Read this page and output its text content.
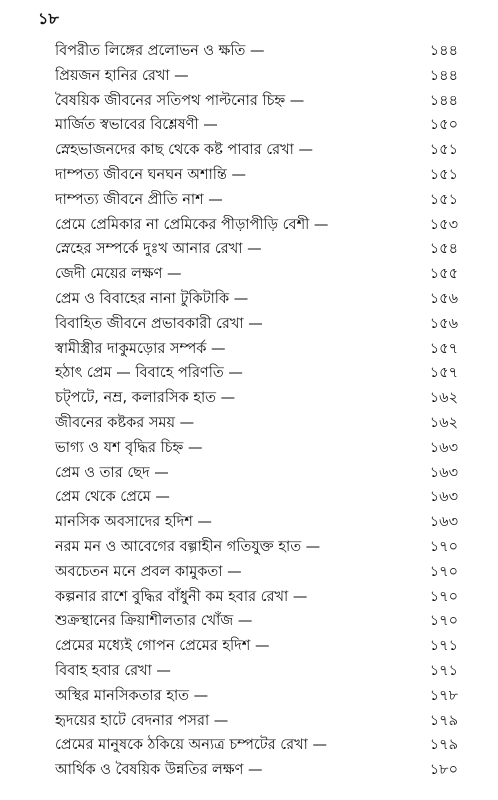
১৮
বিপরীত লিঙ্গের প্রলোভন ও ক্ষতি —	১৪৪
প্রিয়জন হানির রেখা —	১৪৪
বৈষয়িক জীবনের সতিপথ পাল্টনোর চিহ্ন —	১৪৪
মার্জিত স্বভাবের বিশ্লেষণী —	১৫০
স্নেহভাজনদের কাছ থেকে কষ্ট পাবার রেখা —	১৫১
দাম্পত্য জীবনে ঘনঘন অশান্তি —	১৫১
দাম্পত্য জীবনে প্রীতি নাশ —	১৫১
প্রেমে প্রেমিকার না প্রেমিকের পীড়াপীড়ি বেশী —	১৫৩
স্নেহের সম্পর্কে দুঃখ আনার রেখা —	১৫৪
জেদী মেয়ের লক্ষণ —	১৫৫
প্রেম ও বিবাহের নানা টুকিটাকি —	১৫৬
বিবাহিত জীবনে প্রভাবকারী রেখা —	১৫৬
স্বামীস্ত্রীর দাকুমড়োর সম্পর্ক —	১৫৭
হঠাৎ প্রেম — বিবাহে পরিণতি —	১৫৭
চট্‌পটে, নম্র, কলারসিক হাত —	১৬২
জীবনের কষ্টকর সময় —	১৬২
ভাগ্য ও যশ বৃদ্ধির চিহ্ন —	১৬৩
প্রেম ও তার ছেদ —	১৬৩
প্রেম থেকে প্রেমে —	১৬৩
মানসিক অবসাদের হদিশ —	১৬৩
নরম মন ও আবেগের বল্গাহীন গতিযুক্ত হাত —	১৭০
অবচেতন মনে প্রবল কামুকতা —	১৭০
কল্পনার রাশে বুদ্ধির বাঁধুনী কম হবার রেখা —	১৭০
শুক্রস্থানের ক্রিয়াশীলতার খোঁজ —	১৭০
প্রেমের মধ্যেই গোপন প্রেমের হদিশ —	১৭১
বিবাহ হবার রেখা —	১৭১
অস্থির মানসিকতার হাত —	১৭৮
হৃদয়ের হাটে বেদনার পসরা —	১৭৯
প্রেমের মানুষকে ঠকিয়ে অন্যত্র চম্পটের রেখা —	১৭৯
আর্থিক ও বৈষয়িক উন্নতির লক্ষণ —	১৮০
